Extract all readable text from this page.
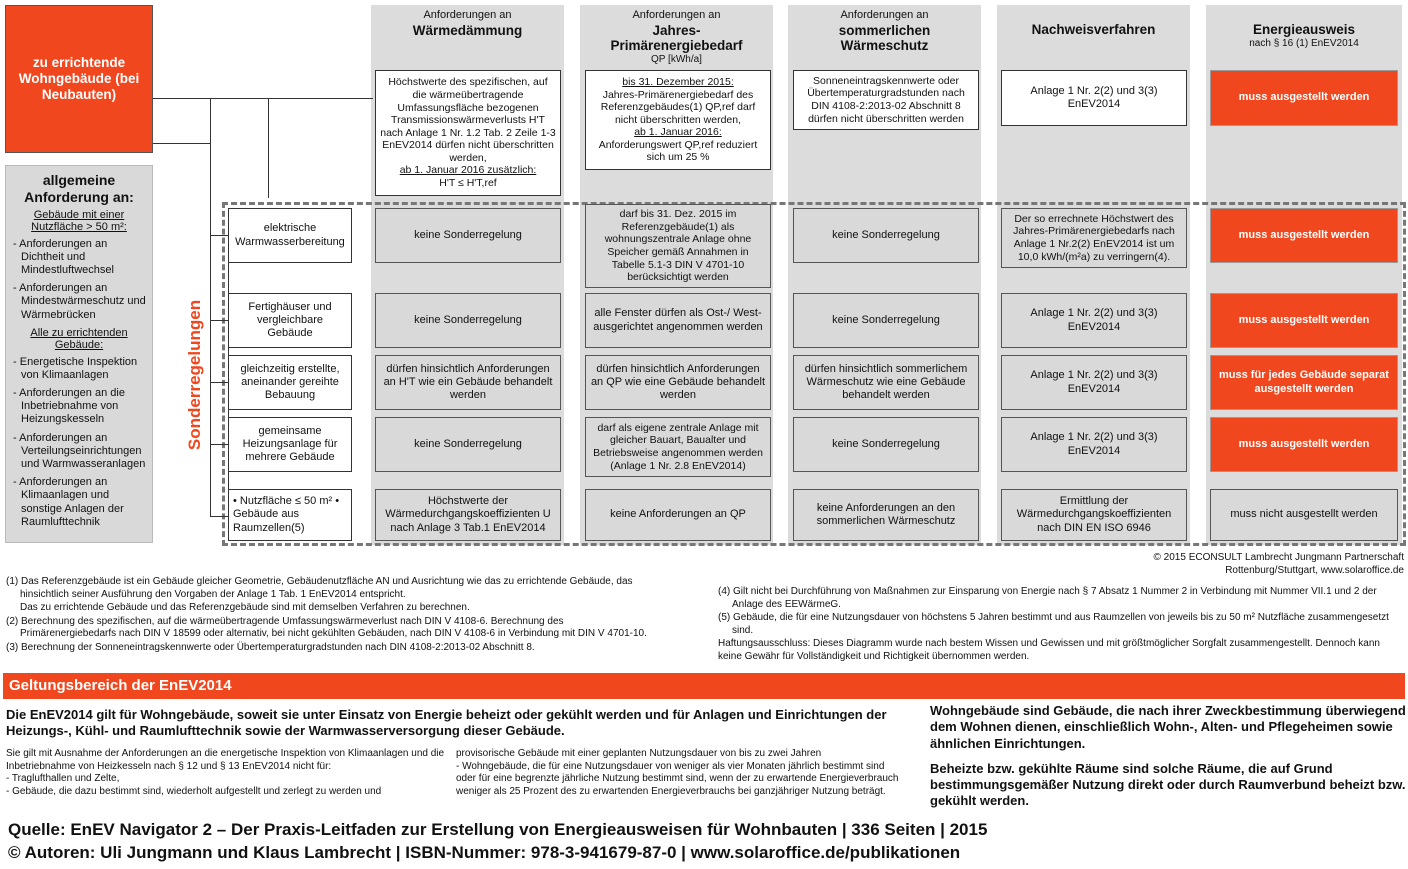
Anforderungen an
Wärmedämmung
Anforderungen an
Jahres-
Primärenergiebedarf
QP [kWh/a]
Anforderungen an
sommerlichen
Wärmeschutz
Nachweisverfahren	Energieausweis
nach § 16 (1) EnEV2014
zu errichtende Wohngebäude (bei Neubauten)
allgemeine Anforderung an:
Gebäude mit einer Nutzfläche > 50 m²:
- Anforderungen an Dichtheit und Mindestluftwechsel
- Anforderungen an Mindestwärmeschutz und Wärmebrücken
Alle zu errichtenden Gebäude:
- Energetische Inspektion von Klimaanlagen
- Anforderungen an die Inbetriebnahme von Heizungskesseln
- Anforderungen an Verteilungseinrichtungen und Warmwasseranlagen
- Anforderungen an Klimaanlagen und sonstige Anlagen der Raumlufttechnik
Sonderregelungen
Höchstwerte des spezifischen, auf die wärmeübertragende Umfassungsfläche bezogenen Transmissionswärmeverlusts H'T nach Anlage 1 Nr. 1.2 Tab. 2 Zeile 1-3 EnEV2014 dürfen nicht überschritten werden,
ab 1. Januar 2016 zusätzlich:
H'T ≤ H'T,ref
bis 31. Dezember 2015:
Jahres-Primärenergiebedarf des Referenzgebäudes(1) QP,ref darf nicht überschritten werden,
ab 1. Januar 2016:
Anforderungswert QP,ref reduziert sich um 25 %
Sonneneintragskennwerte oder Übertemperaturgradstunden nach DIN 4108-2:2013-02 Abschnitt 8 dürfen nicht überschritten werden
Anlage 1 Nr. 2(2) und 3(3) EnEV2014
muss ausgestellt werden
elektrische Warmwasserbereitung
keine Sonderregelung
darf bis 31. Dez. 2015 im Referenzgebäude(1) als wohnungszentrale Anlage ohne Speicher gemäß Annahmen in Tabelle 5.1-3 DIN V 4701-10 berücksichtigt werden
keine Sonderregelung
Der so errechnete Höchstwert des Jahres-Primärenergiebedarfs nach Anlage 1 Nr.2(2) EnEV2014 ist um 10,0 kWh/(m²a) zu verringern(4).
muss ausgestellt werden
Fertighäuser und vergleichbare Gebäude
keine Sonderregelung
alle Fenster dürfen als Ost-/ West-ausgerichtet angenommen werden
keine Sonderregelung
Anlage 1 Nr. 2(2) und 3(3) EnEV2014
muss ausgestellt werden
gleichzeitig erstellte, aneinander gereihte Bebauung
dürfen hinsichtlich Anforderungen an H'T wie ein Gebäude behandelt werden
dürfen hinsichtlich Anforderungen an QP wie eine Gebäude behandelt werden
dürfen hinsichtlich sommerlichem Wärmeschutz wie eine Gebäude behandelt werden
Anlage 1 Nr. 2(2) und 3(3) EnEV2014
muss für jedes Gebäude separat ausgestellt werden
gemeinsame Heizungsanlage für mehrere Gebäude
keine Sonderregelung
darf als eigene zentrale Anlage mit gleicher Bauart, Baualter und Betriebsweise angenommen werden (Anlage 1 Nr. 2.8 EnEV2014)
keine Sonderregelung
Anlage 1 Nr. 2(2) und 3(3) EnEV2014
muss ausgestellt werden
• Nutzfläche ≤ 50 m² • Gebäude aus Raumzellen(5)
Höchstwerte der Wärmedurchgangskoeffizienten U nach Anlage 3 Tab.1 EnEV2014
keine Anforderungen an QP
keine Anforderungen an den sommerlichen Wärmeschutz
Ermittlung der Wärmedurchgangskoeffizienten nach DIN EN ISO 6946
muss nicht ausgestellt werden
© 2015 ECONSULT Lambrecht Jungmann Partnerschaft
Rottenburg/Stuttgart, www.solaroffice.de

(1) Das Referenzgebäude ist ein Gebäude gleicher Geometrie, Gebäudenutzfläche AN und Ausrichtung wie das zu errichtende Gebäude, das hinsichtlich seiner Ausführung den Vorgaben der Anlage 1 Tab. 1 EnEV2014 entspricht.

Das zu errichtende Gebäude und das Referenzgebäude sind mit demselben Verfahren zu berechnen.

(2) Berechnung des spezifischen, auf die wärmeübertragende Umfassungswärmeverlust nach DIN V 4108-6. Berechnung des Primärenergiebedarfs nach DIN V 18599 oder alternativ, bei nicht gekühlten Gebäuden, nach DIN V 4108-6 in Verbindung mit DIN V 4701-10.

(3) Berechnung der Sonneneintragskennwerte oder Übertemperaturgradstunden nach DIN 4108-2:2013-02 Abschnitt 8.

(4) Gilt nicht bei Durchführung von Maßnahmen zur Einsparung von Energie nach § 7 Absatz 1 Nummer 2 in Verbindung mit Nummer VII.1 und 2 der Anlage des EEWärmeG.

(5) Gebäude, die für eine Nutzungsdauer von höchstens 5 Jahren bestimmt und aus Raumzellen von jeweils bis zu 50 m² Nutzfläche zusammengesetzt sind.

Haftungsausschluss: Dieses Diagramm wurde nach bestem Wissen und Gewissen und mit größtmöglicher Sorgfalt zusammengestellt. Dennoch kann keine Gewähr für Vollständigkeit und Richtigkeit übernommen werden.

Geltungsbereich der EnEV2014
Die EnEV2014 gilt für Wohngebäude, soweit sie unter Einsatz von Energie beheizt oder gekühlt werden und für Anlagen und Einrichtungen der Heizungs-, Kühl- und Raumlufttechnik sowie der Warmwasserversorgung dieser Gebäude.
Sie gilt mit Ausnahme der Anforderungen an die energetische Inspektion von Klimaanlagen und die Inbetriebnahme von Heizkesseln nach § 12 und § 13 EnEV2014 nicht für:
- Traglufthallen und Zelte,
- Gebäude, die dazu bestimmt sind, wiederholt aufgestellt und zerlegt zu werden und
provisorische Gebäude mit einer geplanten Nutzungsdauer von bis zu zwei Jahren
- Wohngebäude, die für eine Nutzungsdauer von weniger als vier Monaten jährlich bestimmt sind oder für eine begrenzte jährliche Nutzung bestimmt sind, wenn der zu erwartende Energieverbrauch weniger als 25 Prozent des zu erwartenden Energieverbrauchs bei ganzjähriger Nutzung beträgt.
Wohngebäude sind Gebäude, die nach ihrer Zweckbestimmung überwiegend dem Wohnen dienen, einschließlich Wohn-, Alten- und Pflegeheimen sowie ähnlichen Einrichtungen.
Beheizte bzw. gekühlte Räume sind solche Räume, die auf Grund bestimmungsgemäßer Nutzung direkt oder durch Raumverbund beheizt bzw. gekühlt werden.
Quelle: EnEV Navigator 2 – Der Praxis-Leitfaden zur Erstellung von Energieausweisen für Wohnbauten | 336 Seiten | 2015
© Autoren: Uli Jungmann und Klaus Lambrecht | ISBN-Nummer: 978-3-941679-87-0 | www.solaroffice.de/publikationen
